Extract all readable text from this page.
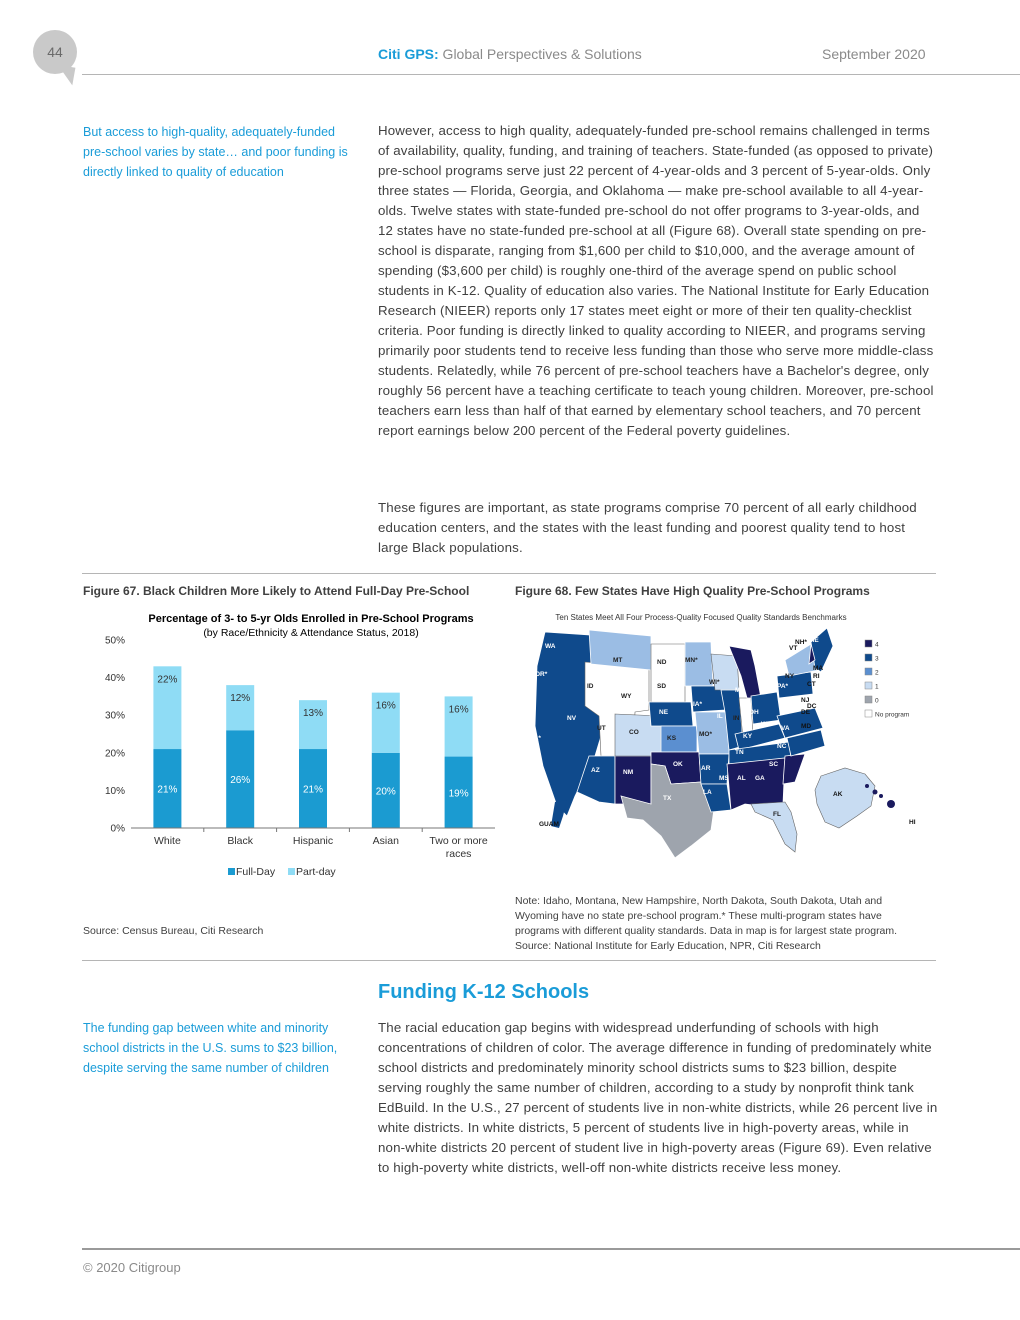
44	Citi GPS: Global Perspectives & Solutions	September 2020
But access to high-quality, adequately-funded pre-school varies by state… and poor funding is directly linked to quality of education
However, access to high quality, adequately-funded pre-school remains challenged in terms of availability, quality, funding, and training of teachers. State-funded (as opposed to private) pre-school programs serve just 22 percent of 4-year-olds and 3 percent of 5-year-olds. Only three states — Florida, Georgia, and Oklahoma — make pre-school available to all 4-year-olds. Twelve states with state-funded pre-school do not offer programs to 3-year-olds, and 12 states have no state-funded pre-school at all (Figure 68). Overall state spending on pre-school is disparate, ranging from $1,600 per child to $10,000, and the average amount of spending ($3,600 per child) is roughly one-third of the average spend on public school students in K-12. Quality of education also varies. The National Institute for Early Education Research (NIEER) reports only 17 states meet eight or more of their ten quality-checklist criteria. Poor funding is directly linked to quality according to NIEER, and programs serving primarily poor students tend to receive less funding than those who serve more middle-class students. Relatedly, while 76 percent of pre-school teachers have a Bachelor's degree, only roughly 56 percent have a teaching certificate to teach young children. Moreover, pre-school teachers earn less than half of that earned by elementary school teachers, and 70 percent report earnings below 200 percent of the Federal poverty guidelines.
These figures are important, as state programs comprise 70 percent of all early childhood education centers, and the states with the least funding and poorest quality tend to host large Black populations.
Figure 67. Black Children More Likely to Attend Full-Day Pre-School
Percentage of 3- to 5-yr Olds Enrolled in Pre-School Programs
(by Race/Ethnicity & Attendance Status, 2018)
0%
10%
20%
30%
40%
50%
21%
22%
26%
12%
21%
13%
20%
16%
19%
16%
White	Black	Hispanic	Asian	Two or more
races
Full-Day Part-day
Source: Census Bureau, Citi Research
Figure 68. Few States Have High Quality Pre-School Programs
Ten States Meet All Four Process-Quality Focused Quality Standards Benchmarks
WA
OR*
CA*
NV
ID
MT
WY
UT
AZ
CO
NM
ND
SD
NE
KS
OK
TX
MN*
IA*
MO*
AR
LA
WI*
IL
MI
IN
OH
KY
TN
MS AL GA
FL
SC
NC
VA
WV
PA*
NY
VT
NH* ME
MA
RI
CT
NJ
DE
MD
DC
AK
HI
GUAM
4
3
2
1
0
No program
Note: Idaho, Montana, New Hampshire, North Dakota, South Dakota, Utah and Wyoming have no state pre-school program.* These multi-program states have programs with different quality standards. Data in map is for largest state program.
Source: National Institute for Early Education, NPR, Citi Research
Funding K-12 Schools
The funding gap between white and minority school districts in the U.S. sums to $23 billion, despite serving the same number of children
The racial education gap begins with widespread underfunding of schools with high concentrations of children of color. The average difference in funding of predominately white school districts and predominately minority school districts sums to $23 billion, despite serving roughly the same number of children, according to a study by nonprofit think tank EdBuild. In the U.S., 27 percent of students live in non-white districts, while 26 percent live in white districts. In white districts, 5 percent of students live in high-poverty areas, while in non-white districts 20 percent of student live in high-poverty areas (Figure 69). Even relative to high-poverty white districts, well-off non-white districts receive less money.
© 2020 Citigroup
